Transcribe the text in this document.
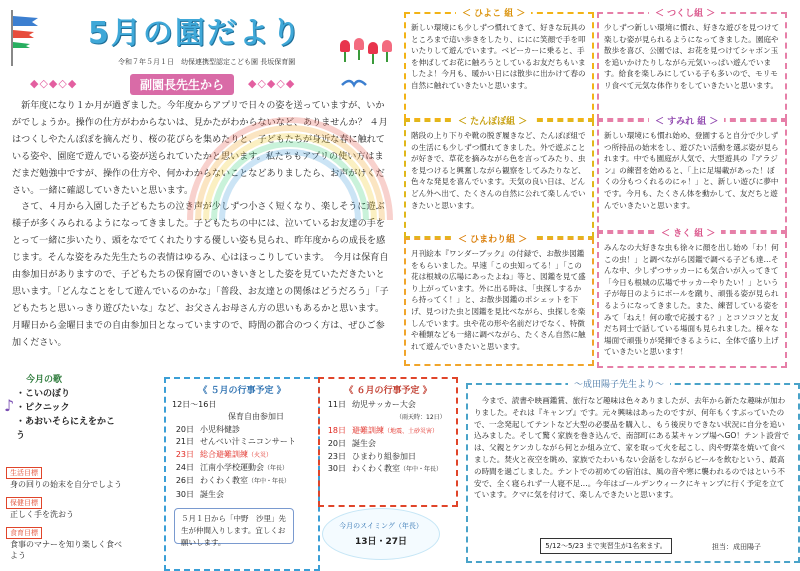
5月の園だより
令和７年５月１日　幼保連携型認定こども園 長坂保育園
◆◇◆◇◆	副園長先生から	◆◇◆◇◆

新年度になり１か月が過ぎました。今年度からアプリで日々の姿を送っていますが、いかがでしょうか。操作の仕方がわからないは、見かたがわからないなど、ありませんか？ ４月はつくしやたんぽぽを摘んだり、桜の花びらを集めたりと、子どもたちが身近な春に触れている姿や、園庭で遊んでいる姿が送られていたかと思います。私たちもアプリの使い方はまだまだ勉強中ですが、操作の仕方や、何かわからないことなどありましたら、お声がけください。一緒に確認していきたいと思います。

さて、４月から入園した子どもたちの泣き声が少しずつ小さく短くなり、楽しそうに遊ぶ様子が多くみられるようになってきました。子どもたちの中には、泣いているお友達の手をとって一緒に歩いたり、頭をなでてくれたりする優しい姿も見られ、昨年度からの成長を感じます。そんな姿をみた先生たちの表情はゆるみ、心はほっこりしています。　今月は保育自由参加日がありますので、子どもたちの保育園でのいきいきとした姿を見ていただきたいと思います。「どんなことをして遊んでいるのかな」「普段、お友達との関係はどうだろう」「子どもたちと思いっきり遊びたいな」など、お父さんお母さん方の思いもあるかと思います。月曜日から金曜日までの自由参加日となっていますので、時間の都合のつく方は、ぜひご参加ください。

＜ ひよこ 組 ＞
新しい環境にも少しずつ慣れてきて、好きな玩具のところまで這い歩きをしたり、ににに笑顔で手を叩いたりして遊んでいます。ベビーカーに乗ると、手を伸ばしてお花に触ろうとしているお友だちもいましたよ！今月も、暖かい日には散歩に出かけて春の自然に触れていきたいと思います。
＜ たんぽぽ組 ＞
階段の上り下りや靴の脱ぎ履きなど、たんぽぽ組での生活にも少しずつ慣れてきました。外で遊ぶことが好きで、草花を摘みながら色を言ってみたり、虫を見つけると興奮しながら観察をしてみたりなど、色々な発見を喜んでいます。天気の良い日は、どんどん外へ出て、たくさんの自然に公れて楽しんでいきたいと思います。
＜ ひまわり組 ＞
月刊絵本『ワンダーブック』の付録で、お散歩図鑑をもらいました。早速「この虫知ってる！」「この花は根城の広場にあったよね」等と、図鑑を見て盛り上がっています。外に出る時は、「虫探しするから持ってく！」と、お散歩図鑑のポシェットを下げ、見つけた虫と図鑑を見比べながら、虫探しを楽しんでいます。虫や花の形や名前だけでなく、特徴や種類なども一緒に調べながら、たくさん自然に触れて遊んでいきたいと思います。
＜ つくし組 ＞
少しずつ新しい環境に慣れ、好きな遊びを見つけて楽しむ姿が見られるようになってきました。園庭や散歩を喜び、公園では、お花を見つけてシャボン玉を追いかけたりしながら元気いっぱい遊んでいます。給食を楽しみにしている子も多いので、モリモリ食べて元気な体作りをしていきたいと思います。
＜ すみれ 組 ＞
新しい環境にも慣れ始め、登園すると自分で少しずつ所持品の始末をし、遊びたい活動を選ぶ姿が見られます。中でも園庭が人気で、大型遊具の『アラジン』の練習を始めると、「上に足場載があった！ぼくの分もつくれるのにゃ！」と、新しい遊びに夢中です。今月も、たくさん体を動かして、友だちと遊んでいきたいと思います。
＜ きく 組 ＞
みんなの大好きな虫も徐々に顔を出し始め「わ！何この虫！」と調べながら図鑑で調べる子ども達…そんな中、少しずつサッカーにも気合いが入ってきて「今日も根城の広場でサッカーやりたい！」という子が毎日のようにボールを蹴り、頑張る姿が見られるようになってきました。また、練習している姿をみて「ねえ！何の歌で応援する？」とコソコソと友だち同士で話している場面も見られました。様々な場面で頑張りが発揮できるように、全体で盛り上げていきたいと思います！
今月の歌
・こいのぼり
・ピクニック
・あおいそらにえをかこう
♪
生活目標
身の回りの始末を自分でしよう
保健目標
正しく手を洗おう
食育目標
食事のマナーを知り楽しく食べよう
《 ５月の行事予定 》
12日～16日
保育自由参加日
20日 小児科健診
21日 せんべい汁ミニコンサート
23日 総合避難訓練（火災）
24日 江南小学校運動会（年長）
26日 わくわく教室（年中・年長）
30日 誕生会
《 ６月の行事予定 》
11日 幼児サッカー大会
（雨天時：12日）
18日 避難訓練（地震、土砂災害）
20日 誕生会
23日 ひまわり組参加日
30日 わくわく教室（年中・年長）
５月１日から「中野　沙里」先生が仲間入りします。宜しくお願いします。
今月のスイミング（年長）
13日・27日
～成田陽子先生より～
今まで、読書や映画鑑賞、旅行など趣味は色々ありましたが、去年から新たな趣味が加わりました。それは『キャンプ』です。元々興味はあったのですが、何年もくすぶっていたので、一念発起してテントなど大型の必要品を購入し、もう後戻りできない状況に自分を追い込みました。そして驚く家族を巻き込んで、南部町にある某キャンプ場へGO！テント設営では、父親とケンカしながら何とか組み立て、家を取って火を起こし、肉や野菜を焼いて食べました。焚火と夜空を眺め、家族でたわいもない会話をしながらビールを飲むという、最高の時間を過ごしました。テントでの初めての宿泊は、風の音や寒に襲われるのではという不安で、全く寝られず一人寝不足…。今年はゴールデンウィークにキャンプに行く予定を立てています。クマに気を付けて、楽しんできたいと思います。
5/12～5/23 まで実習生が1名来ます。	担当：成田陽子
